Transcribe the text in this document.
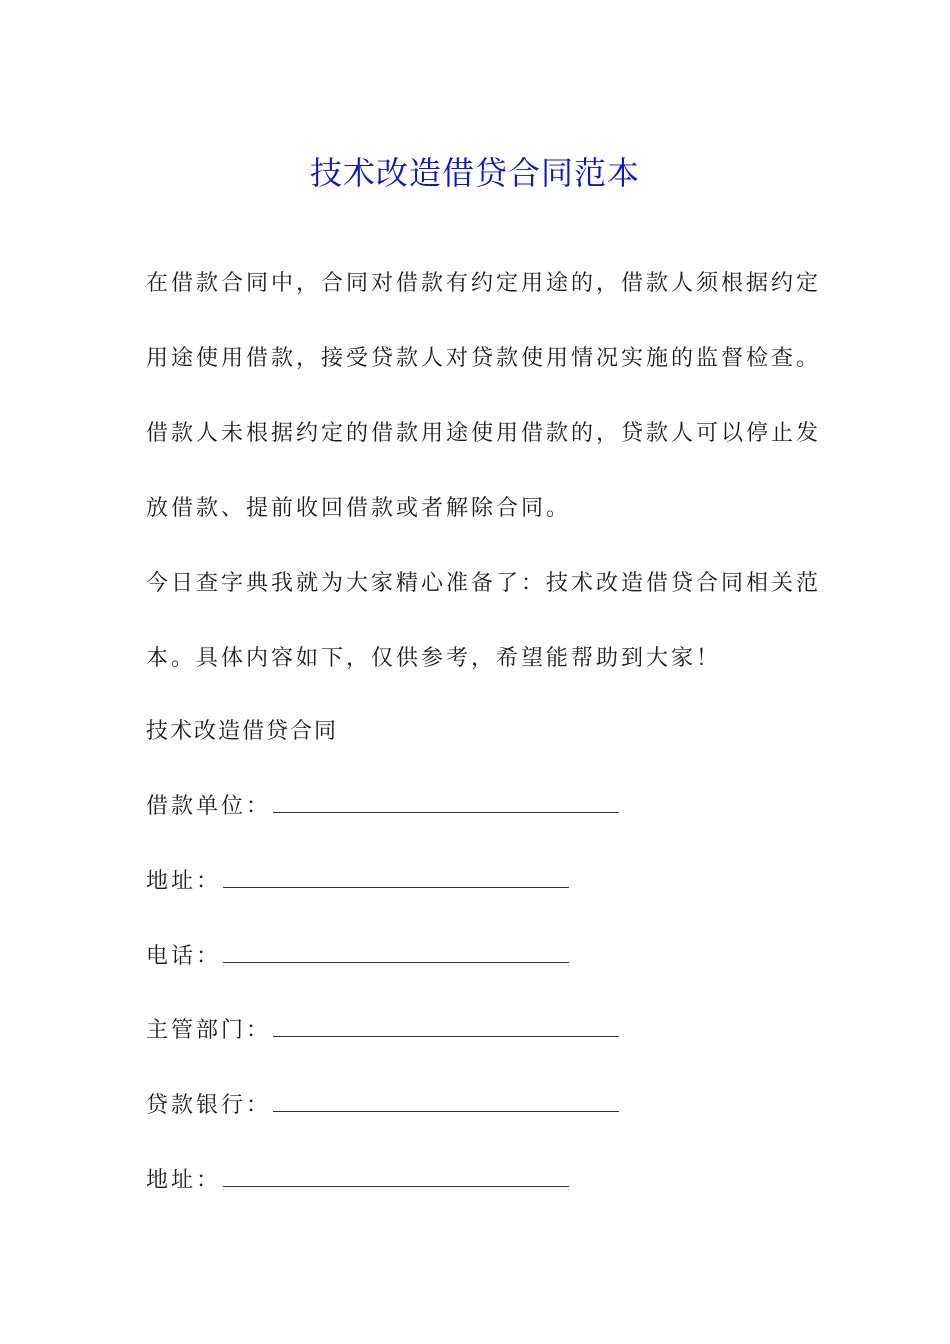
技术改造借贷合同范本
在借款合同中，合同对借款有约定用途的，借款人须根据约定
用途使用借款，接受贷款人对贷款使用情况实施的监督检查。
借款人未根据约定的借款用途使用借款的，贷款人可以停止发
放借款、提前收回借款或者解除合同。
今日查字典我就为大家精心准备了：技术改造借贷合同相关范
本。具体内容如下，仅供参考，希望能帮助到大家！
技术改造借贷合同
借款单位：
地址：
电话：
主管部门：
贷款银行：
地址：
